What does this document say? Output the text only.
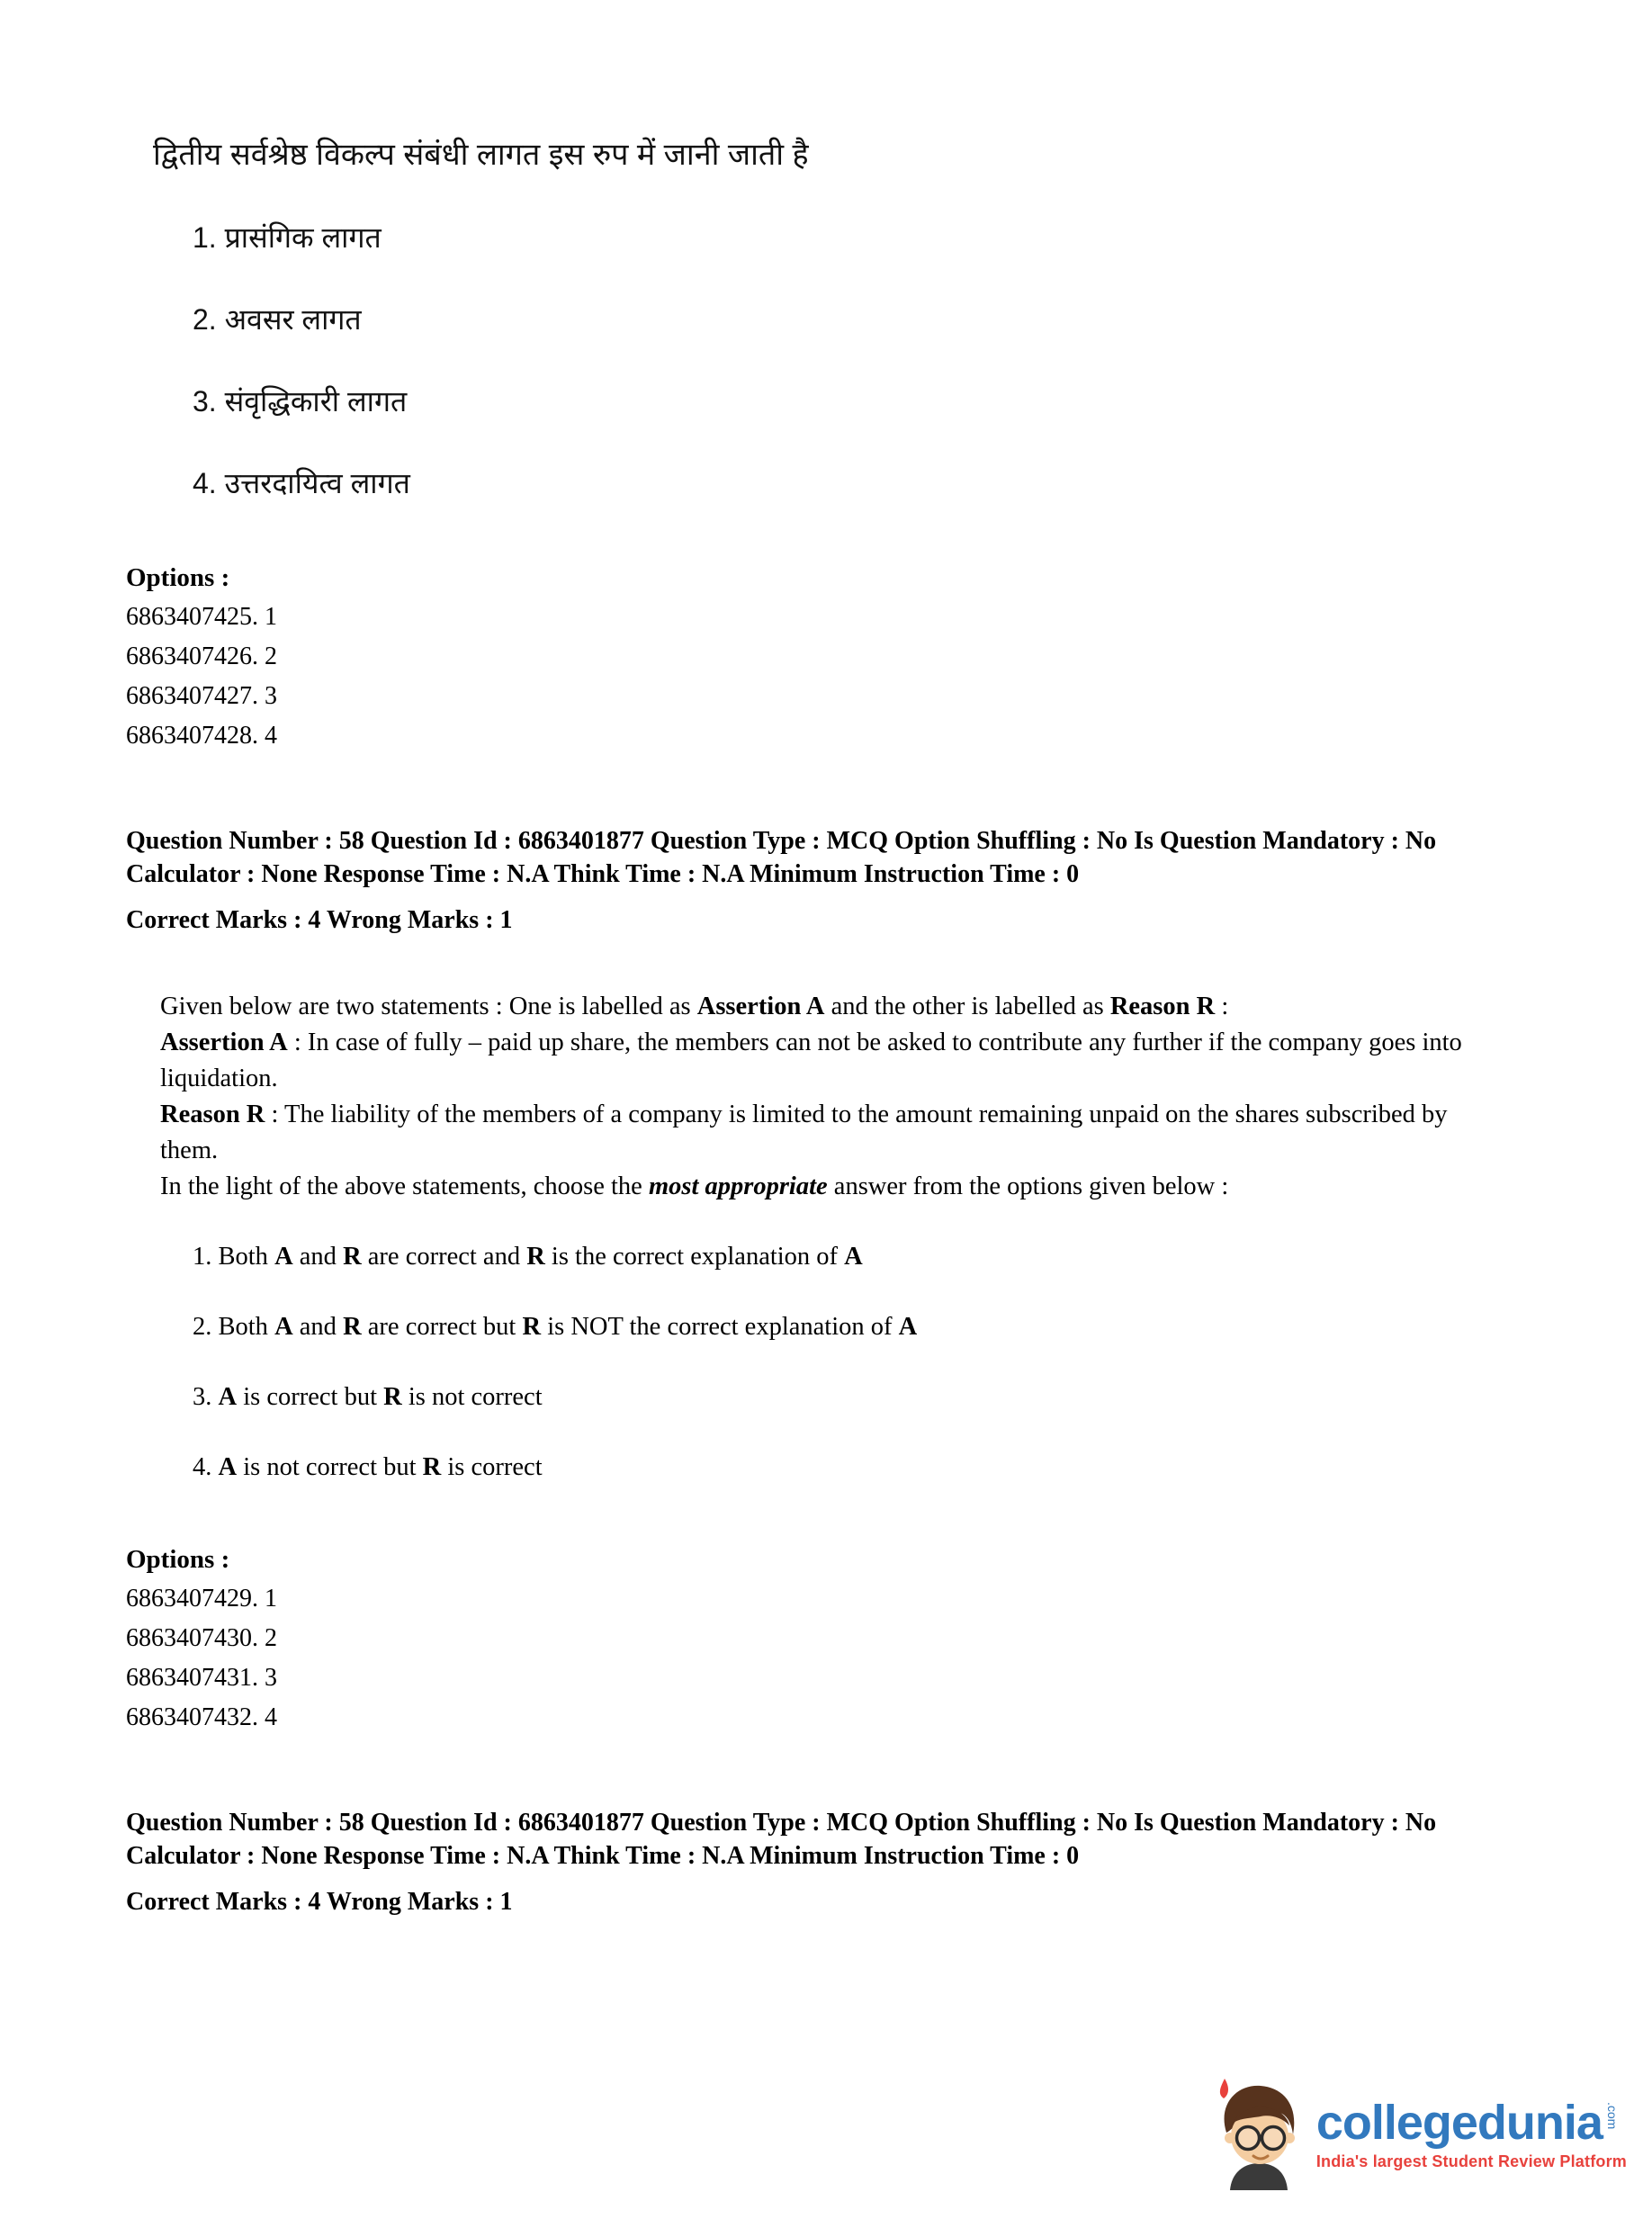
द्वितीय सर्वश्रेष्ठ विकल्प संबंधी लागत इस रुप में जानी जाती है

1. प्रासंगिक लागत

2. अवसर लागत

3. संवृद्धिकारी लागत

4. उत्तरदायित्व लागत

Options :

6863407425. 1

6863407426. 2

6863407427. 3

6863407428. 4

Question Number : 58 Question Id : 6863401877 Question Type : MCQ Option Shuffling : No Is Question Mandatory : No Calculator : None Response Time : N.A Think Time : N.A Minimum Instruction Time : 0

Correct Marks : 4 Wrong Marks : 1

Given below are two statements : One is labelled as Assertion A and the other is labelled as Reason R :

Assertion A : In case of fully – paid up share, the members can not be asked to contribute any further if the company goes into liquidation.

Reason R : The liability of the members of a company is limited to the amount remaining unpaid on the shares subscribed by them.

In the light of the above statements, choose the most appropriate answer from the options given below :

1. Both A and R are correct and R is the correct explanation of A

2. Both A and R are correct but R is NOT the correct explanation of A

3. A is correct but R is not correct

4. A is not correct but R is correct

Options :

6863407429. 1

6863407430. 2

6863407431. 3

6863407432. 4

Question Number : 58 Question Id : 6863401877 Question Type : MCQ Option Shuffling : No Is Question Mandatory : No Calculator : None Response Time : N.A Think Time : N.A Minimum Instruction Time : 0

Correct Marks : 4 Wrong Marks : 1

collegedunia .com
India's largest Student Review Platform
